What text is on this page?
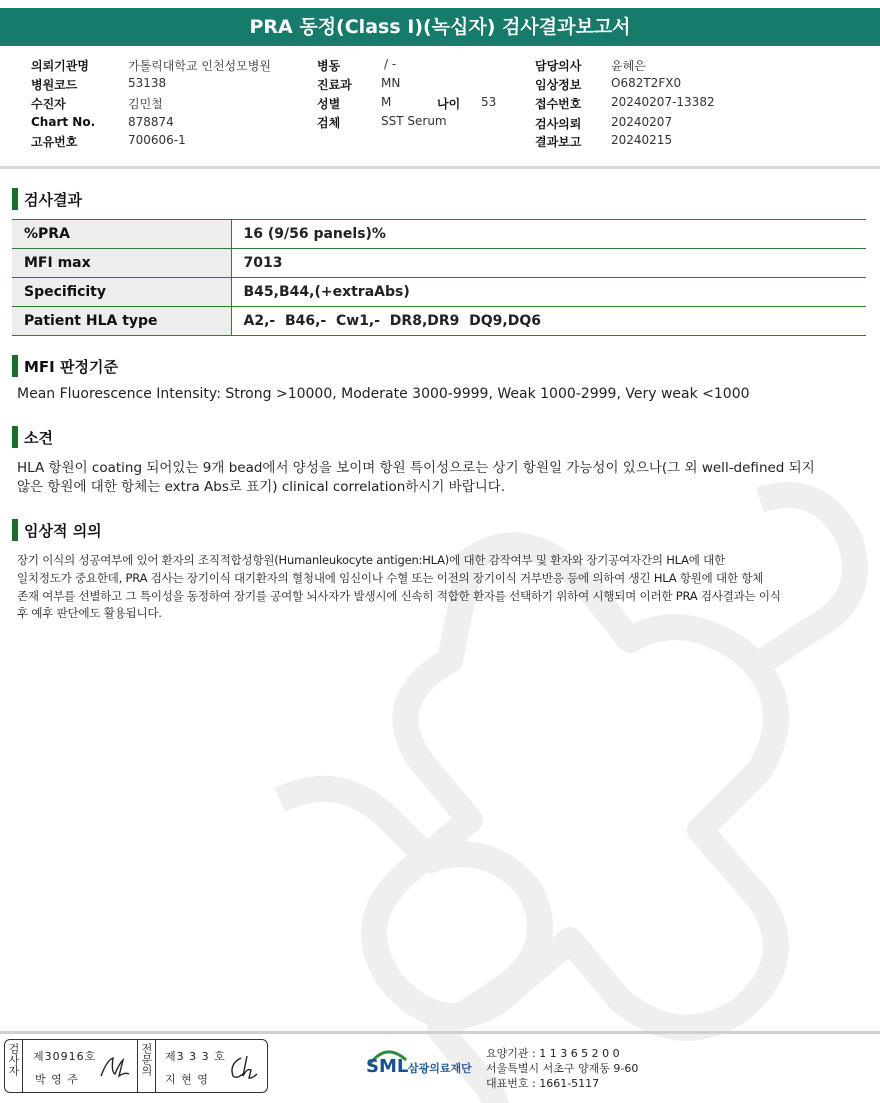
PRA 동정(Class I)(녹십자) 검사결과보고서
의뢰기관명	가톨릭대학교 인천성모병원
병원코드	53138
수진자	김민철
Chart No.	878874
고유번호	700606-1
병동	/ -
진료과 MN
성별	M	나이 53
검체	SST Serum
담당의사 윤혜은
임상정보 O682T2FX0
접수번호 20240207-13382
검사의뢰 20240207
결과보고 20240215
검사결과
%PRA	16 (9/56 panels)%
MFI max	7013
Specificity	B45,B44,(+extraAbs)
Patient HLA type	A2,-  B46,-  Cw1,-  DR8,DR9  DQ9,DQ6
MFI 판정기준
Mean Fluorescence Intensity: Strong >10000, Moderate 3000-9999, Weak 1000-2999, Very weak <1000
소견
HLA 항원이 coating 되어있는 9개 bead에서 양성을 보이며 항원 특이성으로는 상기 항원일 가능성이 있으나(그 외 well-defined 되지
않은 항원에 대한 항체는 extra Abs로 표기) clinical correlation하시기 바랍니다.
임상적 의의
장기 이식의 성공여부에 있어 환자의 조직적합성항원(Humanleukocyte antigen:HLA)에 대한 감작여부 및 환자와 장기공여자간의 HLA에 대한
일치정도가 중요한데, PRA 검사는 장기이식 대기환자의 혈청내에 임신이나 수혈 또는 이전의 장기이식 거부반응 등에 의하여 생긴 HLA 항원에 대한 항체
존재 여부를 선별하고 그 특이성을 동정하여 장기를 공여할 뇌사자가 발생시에 신속히 적합한 환자를 선택하기 위하여 시행되며 이러한 PRA 검사결과는 이식
후 예후 판단에도 활용됩니다.
검사자 제30916호
박 영 주
전문의 제3 3 3 호
지 현 영
SML 삼광의료재단
요양기관 : 1 1 3 6 5 2 0 0
서울특별시 서초구 양재동 9-60
대표번호 : 1661-5117
